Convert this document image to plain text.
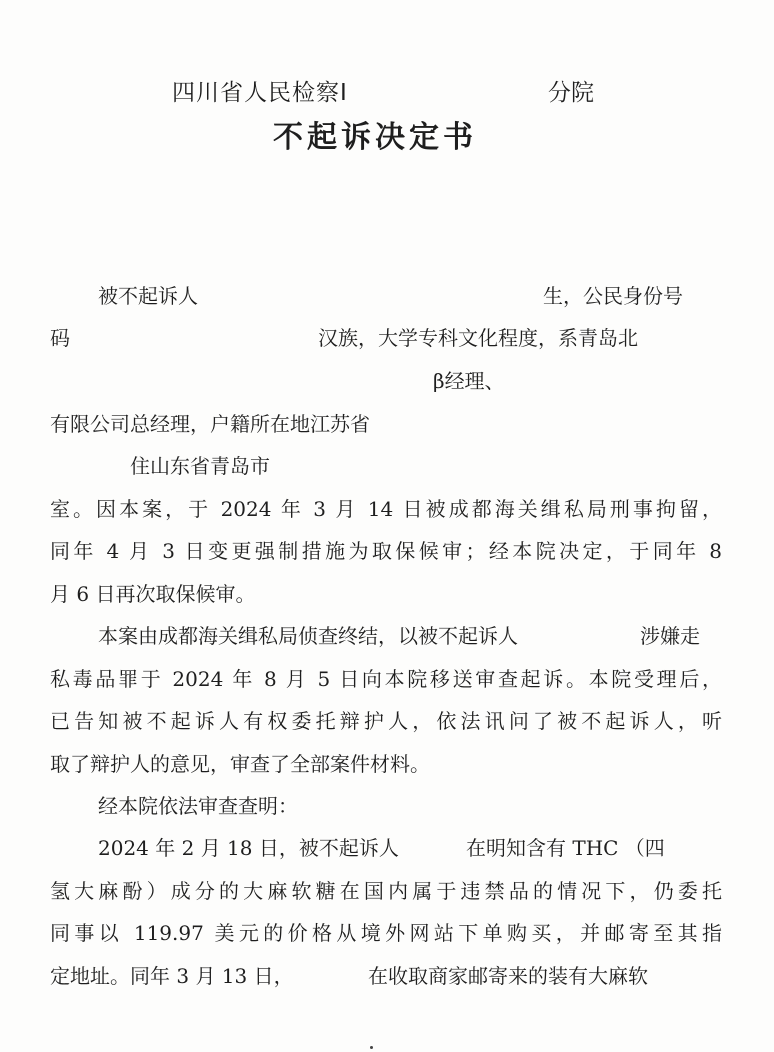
四川省人民检察I	分院
不起诉决定书
被不起诉人	生，公民身份号
码	汉族，大学专科文化程度，系青岛北
β经理、
有限公司总经理，户籍所在地江苏省
住山东省青岛市
室。因本案，于 2024 年 3 月 14 日被成都海关缉私局刑事拘留，
同年 4 月 3 日变更强制措施为取保候审；经本院决定，于同年 8
月 6 日再次取保候审。
本案由成都海关缉私局侦查终结，以被不起诉人	涉嫌走
私毒品罪于 2024 年 8 月 5 日向本院移送审查起诉。本院受理后，
已告知被不起诉人有权委托辩护人，依法讯问了被不起诉人，听
取了辩护人的意见，审查了全部案件材料。
经本院依法审查查明：
2024 年 2 月 18 日，被不起诉人	在明知含有 THC （四
氢大麻酚）成分的大麻软糖在国内属于违禁品的情况下，仍委托
同事以 119.97 美元的价格从境外网站下单购买，并邮寄至其指
定地址。同年 3 月 13 日，	在收取商家邮寄来的装有大麻软
